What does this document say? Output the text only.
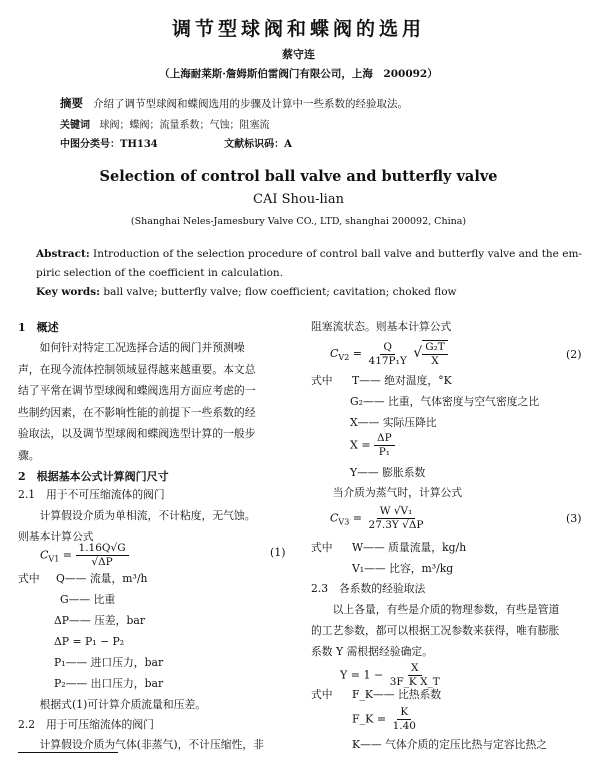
调节型球阀和蝶阀的选用
蔡守连
（上海耐莱斯·詹姆斯伯雷阀门有限公司，上海　200092）
摘要 介绍了调节型球阀和蝶阀选用的步骤及计算中一些系数的经验取法。
关键词 球阀；蝶阀；流量系数；气蚀；阻塞流
中图分类号：TH134	文献标识码：A
Selection of control ball valve and butterfly valve
CAI Shou-lian
(Shanghai Neles-Jamesbury Valve CO., LTD, shanghai 200092, China)
Abstract: Introduction of the selection procedure of control ball valve and butterfly valve and the em-
piric selection of the coefficient in calculation.
Key words: ball valve; butterfly valve; flow coefficient; cavitation; choked flow
1　概述
　　如何针对特定工况选择合适的阀门并预测噪
声，在现今流体控制领域显得越来越重要。本文总
结了平常在调节型球阀和蝶阀选用方面应考虑的一
些制约因素，在不影响性能的前提下一些系数的经
验取法，以及调节型球阀和蝶阀选型计算的一般步
骤。
2　根据基本公式计算阀门尺寸
2.1　用于不可压缩流体的阀门
　　计算假设介质为单相流，不计粘度，无气蚀。
则基本计算公式
$C_{V1} = \frac{1.16Q√G}{√\Delta P}$	(1)
式中 Q—— 流量，m³/h
G—— 比重
ΔP—— 压差，bar
ΔP = P₁ − P₂
P₁—— 进口压力，bar
P₂—— 出口压力，bar
　　根据式(1)可计算介质流量和压差。
2.2　用于可压缩流体的阀门
　　计算假设介质为气体(非蒸气)，不计压缩性，非
阻塞流状态。则基本计算公式
$C_{V2} = \frac{Q}{\text{417P₁Y}}$ √ $\frac{\text{G₂T}}{X}$	(2)
式中 T—— 绝对温度，°K
G₂—— 比重，气体密度与空气密度之比
X—— 实际压降比
$X = \frac{\Delta P}{\text{P₁}}$
Y—— 膨胀系数
　　当介质为蒸气时，计算公式
$C_{V3} = \frac{\text{W √V₁}}{27.3Y √\Delta P}$	(3)
式中 W—— 质量流量，kg/h
V₁—— 比容，m³/kg
2.3　各系数的经验取法
　　以上各量，有些是介质的物理参数，有些是管道
的工艺参数，都可以根据工况参数来获得，唯有膨胀
系数 Y 需根据经验确定。
$Y = 1 - \frac{X}{\text{3F\_K X\_T}}$
式中 F_K—— 比热系数
F_K = $\frac{K}{1.40}$
K—— 气体介质的定压比热与定容比热之
